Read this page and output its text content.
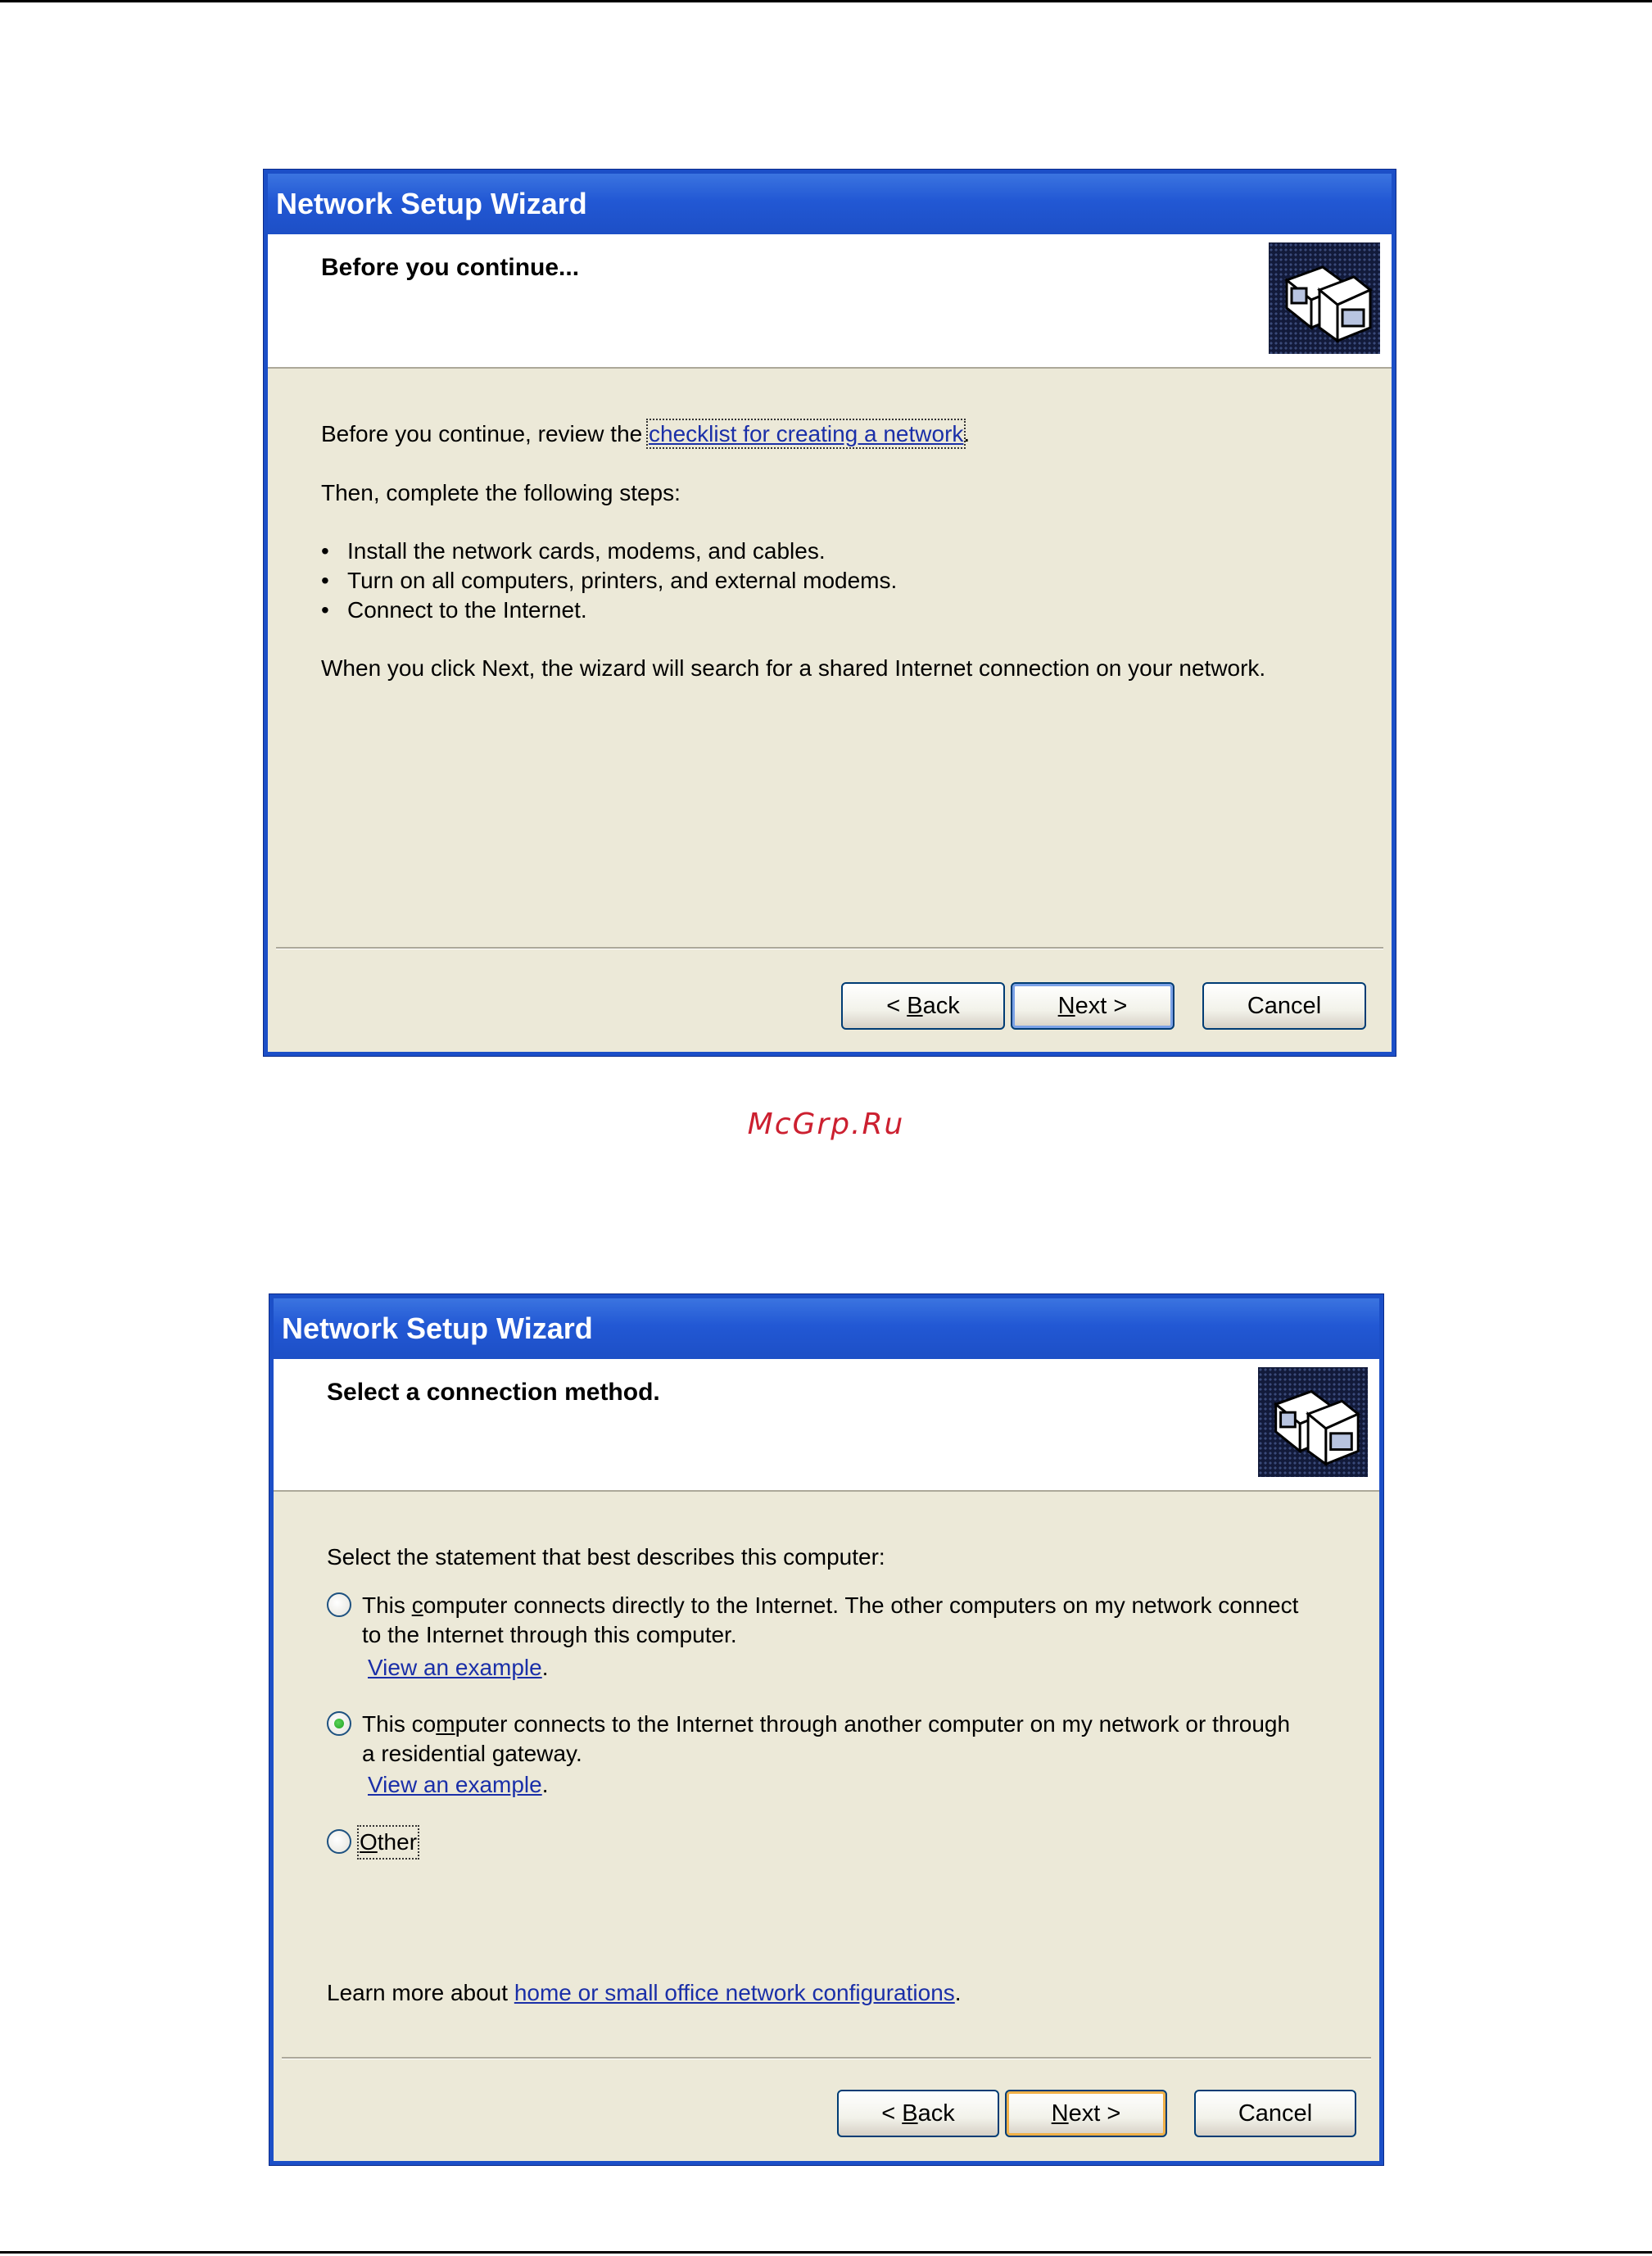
Network Setup Wizard
Before you continue...
Before you continue, review the checklist for creating a network.
Then, complete the following steps:
• Install the network cards, modems, and cables.
• Turn on all computers, printers, and external modems.
• Connect to the Internet.
When you click Next, the wizard will search for a shared Internet connection on your network.
< Back	Next >	Cancel
McGrp.Ru
Network Setup Wizard
Select a connection method.
Select the statement that best describes this computer:
This computer connects directly to the Internet. The other computers on my network connect
to the Internet through this computer.
View an example.
This computer connects to the Internet through another computer on my network or through
a residential gateway.
View an example.
Other
Learn more about home or small office network configurations.
< Back	Next >	Cancel
